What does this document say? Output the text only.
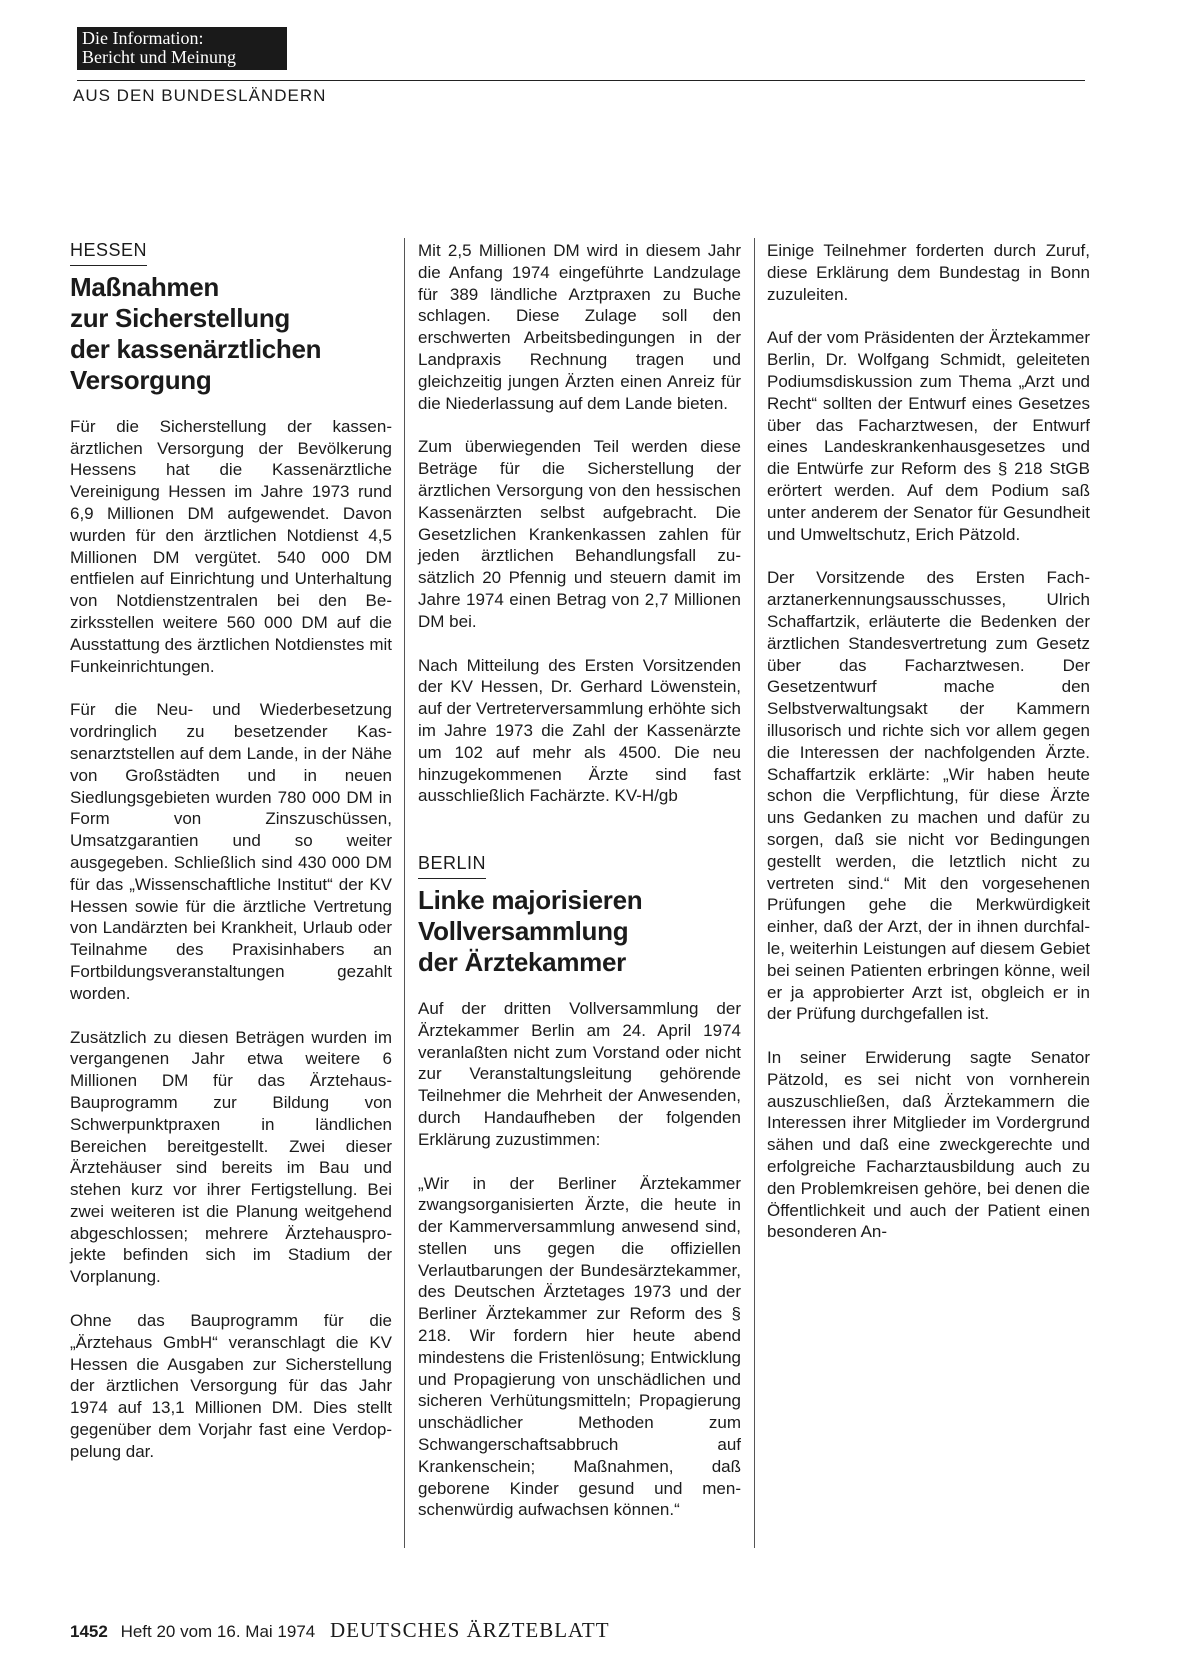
Die Information:
Bericht und Meinung
AUS DEN BUNDESLÄNDERN
HESSEN
Maßnahmen
zur Sicherstellung
der kassenärztlichen
Versorgung

Für die Sicherstellung der kassenärztlichen Versorgung der Bevölkerung Hessens hat die Kassenärztliche Vereinigung Hessen im Jahre 1973 rund 6,9 Millionen DM aufgewendet. Davon wurden für den ärztlichen Notdienst 4,5 Millionen DM vergütet. 540 000 DM entfielen auf Einrichtung und Unterhaltung von Notdienstzentralen bei den Bezirksstellen weitere 560 000 DM auf die Ausstattung des ärztlichen Notdienstes mit Funkeinrichtungen.

Für die Neu- und Wiederbesetzung vordringlich zu besetzender Kassenarztstellen auf dem Lande, in der Nähe von Großstädten und in neuen Siedlungsgebieten wurden 780 000 DM in Form von Zinszuschüssen, Umsatzgarantien und so weiter ausgegeben. Schließlich sind 430 000 DM für das „Wissenschaftliche Institut“ der KV Hessen sowie für die ärztliche Vertretung von Landärzten bei Krankheit, Urlaub oder Teilnahme des Praxisinhabers an Fortbildungsveranstaltungen gezahlt worden.

Zusätzlich zu diesen Beträgen wurden im vergangenen Jahr etwa weitere 6 Millionen DM für das Ärztehaus-Bauprogramm zur Bildung von Schwerpunktpraxen in ländlichen Bereichen bereitgestellt. Zwei dieser Ärztehäuser sind bereits im Bau und stehen kurz vor ihrer Fertigstellung. Bei zwei weiteren ist die Planung weitgehend abgeschlossen; mehrere Ärztehausprojekte befinden sich im Stadium der Vorplanung.

Ohne das Bauprogramm für die „Ärztehaus GmbH“ veranschlagt die KV Hessen die Ausgaben zur Sicherstellung der ärztlichen Versorgung für das Jahr 1974 auf 13,1 Millionen DM. Dies stellt gegenüber dem Vorjahr fast eine Verdoppelung dar.

Mit 2,5 Millionen DM wird in diesem Jahr die Anfang 1974 eingeführte Landzulage für 389 ländliche Arztpraxen zu Buche schlagen. Diese Zulage soll den erschwerten Arbeitsbedingungen in der Landpraxis Rechnung tragen und gleichzeitig jungen Ärzten einen Anreiz für die Niederlassung auf dem Lande bieten.

Zum überwiegenden Teil werden diese Beträge für die Sicherstellung der ärztlichen Versorgung von den hessischen Kassenärzten selbst aufgebracht. Die Gesetzlichen Krankenkassen zahlen für jeden ärztlichen Behandlungsfall zusätzlich 20 Pfennig und steuern damit im Jahre 1974 einen Betrag von 2,7 Millionen DM bei.

Nach Mitteilung des Ersten Vorsitzenden der KV Hessen, Dr. Gerhard Löwenstein, auf der Vertreterversammlung erhöhte sich im Jahre 1973 die Zahl der Kassenärzte um 102 auf mehr als 4500. Die neu hinzugekommenen Ärzte sind fast ausschließlich Fachärzte. KV-H/gb

BERLIN
Linke majorisieren
Vollversammlung
der Ärztekammer

Auf der dritten Vollversammlung der Ärztekammer Berlin am 24. April 1974 veranlaßten nicht zum Vorstand oder nicht zur Veranstaltungsleitung gehörende Teilnehmer die Mehrheit der Anwesenden, durch Handaufheben der folgenden Erklärung zuzustimmen:

„Wir in der Berliner Ärztekammer zwangsorganisierten Ärzte, die heute in der Kammerversammlung anwesend sind, stellen uns gegen die offiziellen Verlautbarungen der Bundesärztekammer, des Deutschen Ärztetages 1973 und der Berliner Ärztekammer zur Reform des § 218. Wir fordern hier heute abend mindestens die Fristenlösung; Entwicklung und Propagierung von unschädlichen und sicheren Verhütungsmitteln; Propagierung unschädlicher Methoden zum Schwangerschaftsabbruch auf Krankenschein; Maßnahmen, daß geborene Kinder gesund und menschenwürdig aufwachsen können.“

Einige Teilnehmer forderten durch Zuruf, diese Erklärung dem Bundestag in Bonn zuzuleiten.

Auf der vom Präsidenten der Ärztekammer Berlin, Dr. Wolfgang Schmidt, geleiteten Podiumsdiskussion zum Thema „Arzt und Recht“ sollten der Entwurf eines Gesetzes über das Facharztwesen, der Entwurf eines Landeskrankenhausgesetzes und die Entwürfe zur Reform des § 218 StGB erörtert werden. Auf dem Podium saß unter anderem der Senator für Gesundheit und Umweltschutz, Erich Pätzold.

Der Vorsitzende des Ersten Facharztanerkennungsausschusses, Ulrich Schaffartzik, erläuterte die Bedenken der ärztlichen Standesvertretung zum Gesetz über das Facharztwesen. Der Gesetzentwurf mache den Selbstverwaltungsakt der Kammern illusorisch und richte sich vor allem gegen die Interessen der nachfolgenden Ärzte. Schaffartzik erklärte: „Wir haben heute schon die Verpflichtung, für diese Ärzte uns Gedanken zu machen und dafür zu sorgen, daß sie nicht vor Bedingungen gestellt werden, die letztlich nicht zu vertreten sind.“ Mit den vorgesehenen Prüfungen gehe die Merkwürdigkeit einher, daß der Arzt, der in ihnen durchfalle, weiterhin Leistungen auf diesem Gebiet bei seinen Patienten erbringen könne, weil er ja approbierter Arzt ist, obgleich er in der Prüfung durchgefallen ist.

In seiner Erwiderung sagte Senator Pätzold, es sei nicht von vornherein auszuschließen, daß Ärztekammern die Interessen ihrer Mitglieder im Vordergrund sähen und daß eine zweckgerechte und erfolgreiche Facharztausbildung auch zu den Problemkreisen gehöre, bei denen die Öffentlichkeit und auch der Patient einen besonderen An-

1452 Heft 20 vom 16. Mai 1974 DEUTSCHES ÄRZTEBLATT
